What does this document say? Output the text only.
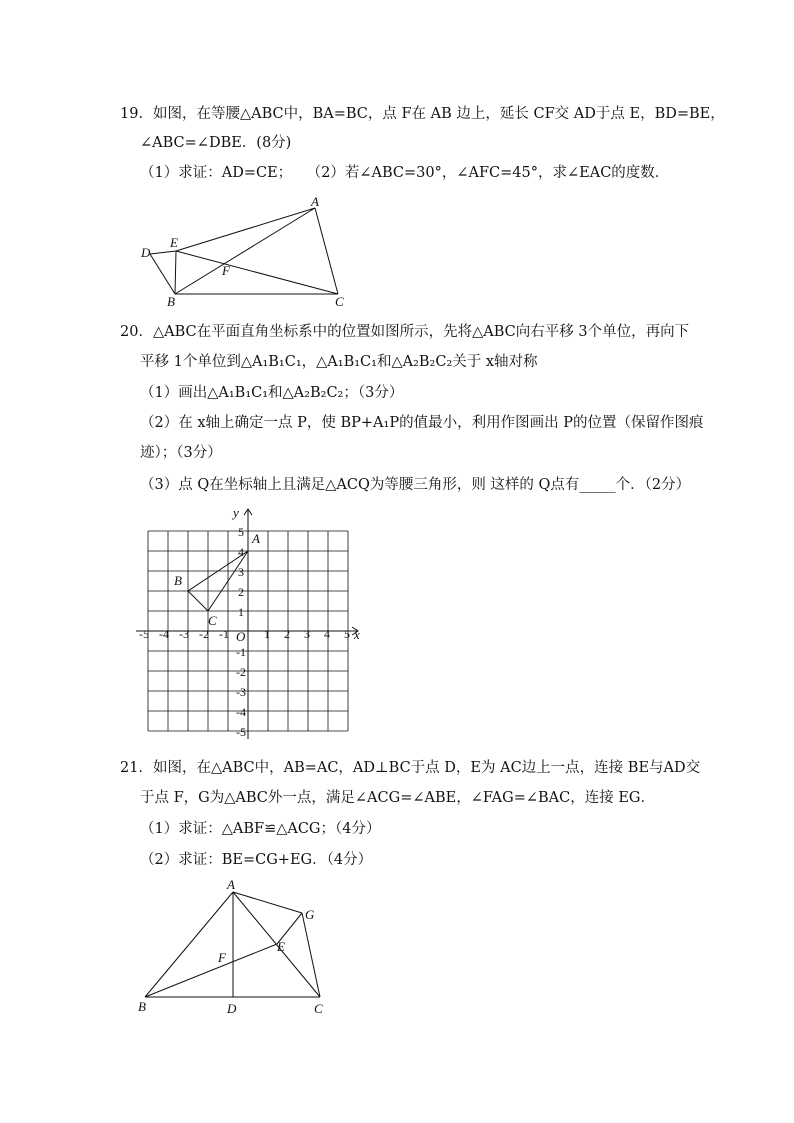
19．如图，在等腰△ABC中，BA=BC，点 F在 AB 边上，延长 CF交 AD于点 E，BD=BE，
∠ABC=∠DBE．(8分)
（1）求证：AD=CE；　　（2）若∠ABC=30°，∠AFC=45°，求∠EAC的度数．
A
E
D
F
B	C
20．△ABC在平面直角坐标系中的位置如图所示，先将△ABC向右平移 3个单位，再向下
平移 1个单位到△A₁B₁C₁，△A₁B₁C₁和△A₂B₂C₂关于 x轴对称
（1）画出△A₁B₁C₁和△A₂B₂C₂；（3分）
（2）在 x轴上确定一点 P，使 BP+A₁P的值最小，利用作图画出 P的位置（保留作图痕
迹）；（3分）
（3）点 Q在坐标轴上且满足△ACQ为等腰三角形，则 这样的 Q点有_____个．（2分）
y
x
O
A
B
C
-5 -4 -3 -2 -1	1 2 3 4 5
5
4
3
2
1
-1
-2
-3
-4
-5
21．如图，在△ABC中，AB=AC，AD⊥BC于点 D，E为 AC边上一点，连接 BE与AD交
于点 F，G为△ABC外一点，满足∠ACG=∠ABE，∠FAG=∠BAC，连接 EG．
（1）求证：△ABF≌△ACG；（4分）
（2）求证：BE=CG+EG．（4分）
A
G
E
F
B	D	C
